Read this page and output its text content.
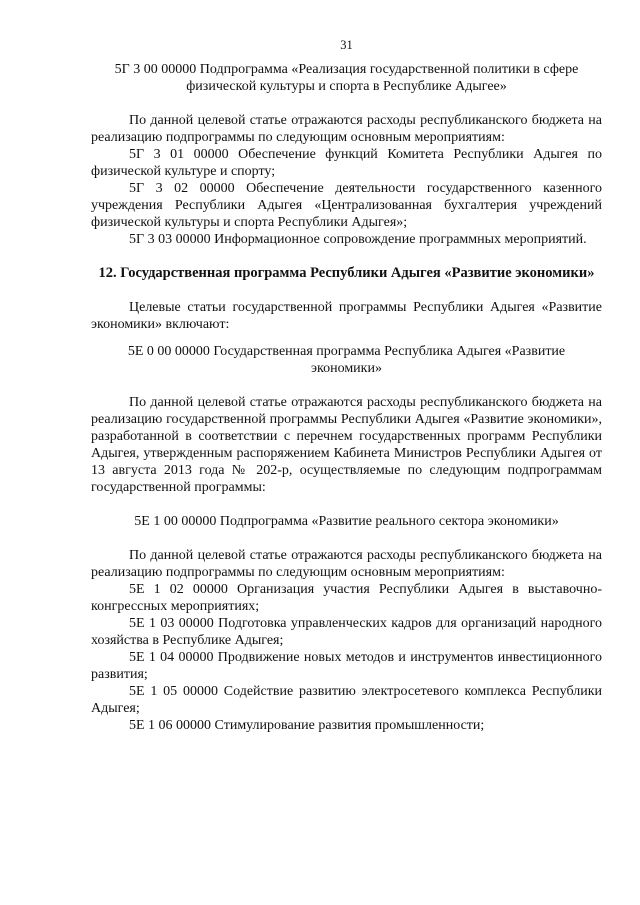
31

5Г 3 00 00000 Подпрограмма «Реализация государственной политики в сфере физической культуры и спорта в Республике Адыгее»

По данной целевой статье отражаются расходы республиканского бюджета на реализацию подпрограммы по следующим основным мероприятиям:

5Г 3 01 00000 Обеспечение функций Комитета Республики Адыгея по физической культуре и спорту;

5Г 3 02 00000 Обеспечение деятельности государственного казенного учреждения Республики Адыгея «Централизованная бухгалтерия учреждений физической культуры и спорта Республики Адыгея»;

5Г 3 03 00000 Информационное сопровождение программных мероприятий.

12. Государственная программа Республики Адыгея «Развитие экономики»

Целевые статьи государственной программы Республики Адыгея «Развитие экономики» включают:

5Е 0 00 00000 Государственная программа Республика Адыгея «Развитие экономики»

По данной целевой статье отражаются расходы республиканского бюджета на реализацию государственной программы Республики Адыгея «Развитие экономики», разработанной в соответствии с перечнем государственных программ Республики Адыгея, утвержденным распоряжением Кабинета Министров Республики Адыгея от 13 августа 2013 года № 202-р, осуществляемые по следующим подпрограммам государственной программы:

5Е 1 00 00000 Подпрограмма «Развитие реального сектора экономики»

По данной целевой статье отражаются расходы республиканского бюджета на реализацию подпрограммы по следующим основным мероприятиям:

5Е 1 02 00000 Организация участия Республики Адыгея в выставочно-конгрессных мероприятиях;

5Е 1 03 00000 Подготовка управленческих кадров для организаций народного хозяйства в Республике Адыгея;

5Е 1 04 00000 Продвижение новых методов и инструментов инвестиционного развития;

5Е 1 05 00000 Содействие развитию электросетевого комплекса Республики Адыгея;

5Е 1 06 00000 Стимулирование развития промышленности;
